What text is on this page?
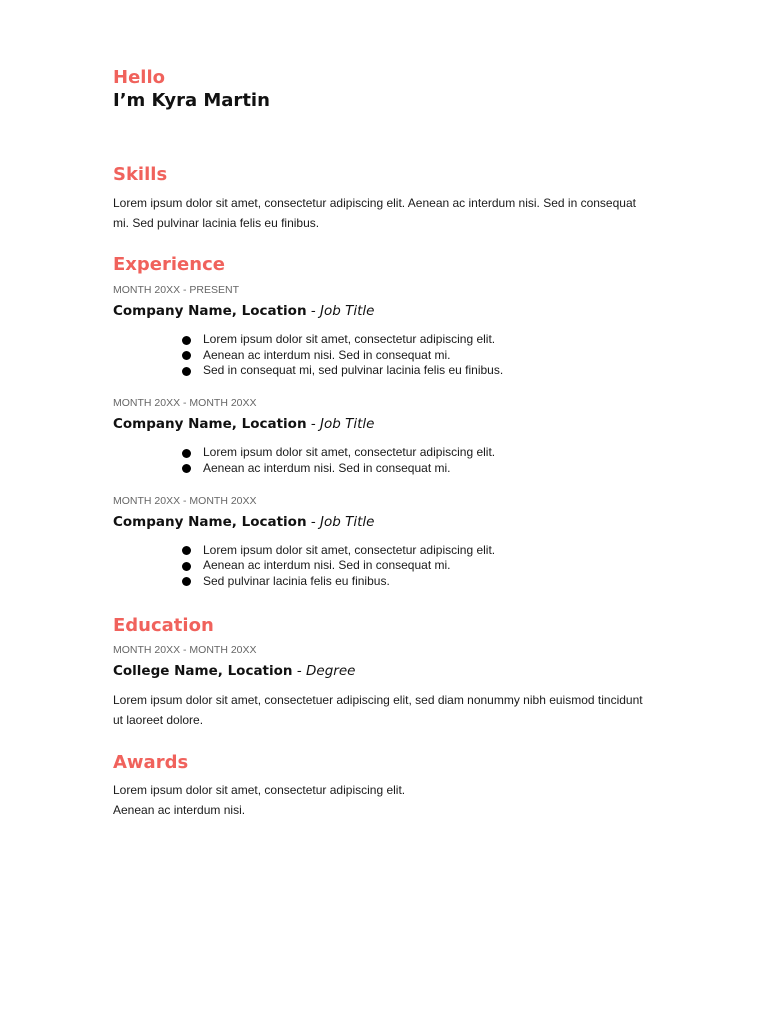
Hello
I’m Kyra Martin
Skills

Lorem ipsum dolor sit amet, consectetur adipiscing elit. Aenean ac interdum nisi. Sed in consequat

mi. Sed pulvinar lacinia felis eu finibus.

Experience

MONTH 20XX - PRESENT

Company Name, Location - Job Title

Lorem ipsum dolor sit amet, consectetur adipiscing elit.
Aenean ac interdum nisi. Sed in consequat mi.
Sed in consequat mi, sed pulvinar lacinia felis eu finibus.

MONTH 20XX - MONTH 20XX

Company Name, Location - Job Title

Lorem ipsum dolor sit amet, consectetur adipiscing elit.
Aenean ac interdum nisi. Sed in consequat mi.

MONTH 20XX - MONTH 20XX

Company Name, Location - Job Title

Lorem ipsum dolor sit amet, consectetur adipiscing elit.
Aenean ac interdum nisi. Sed in consequat mi.
Sed pulvinar lacinia felis eu finibus.
Education

MONTH 20XX - MONTH 20XX

College Name, Location - Degree

Lorem ipsum dolor sit amet, consectetuer adipiscing elit, sed diam nonummy nibh euismod tincidunt

ut laoreet dolore.

Awards

Lorem ipsum dolor sit amet, consectetur adipiscing elit.

Aenean ac interdum nisi.
